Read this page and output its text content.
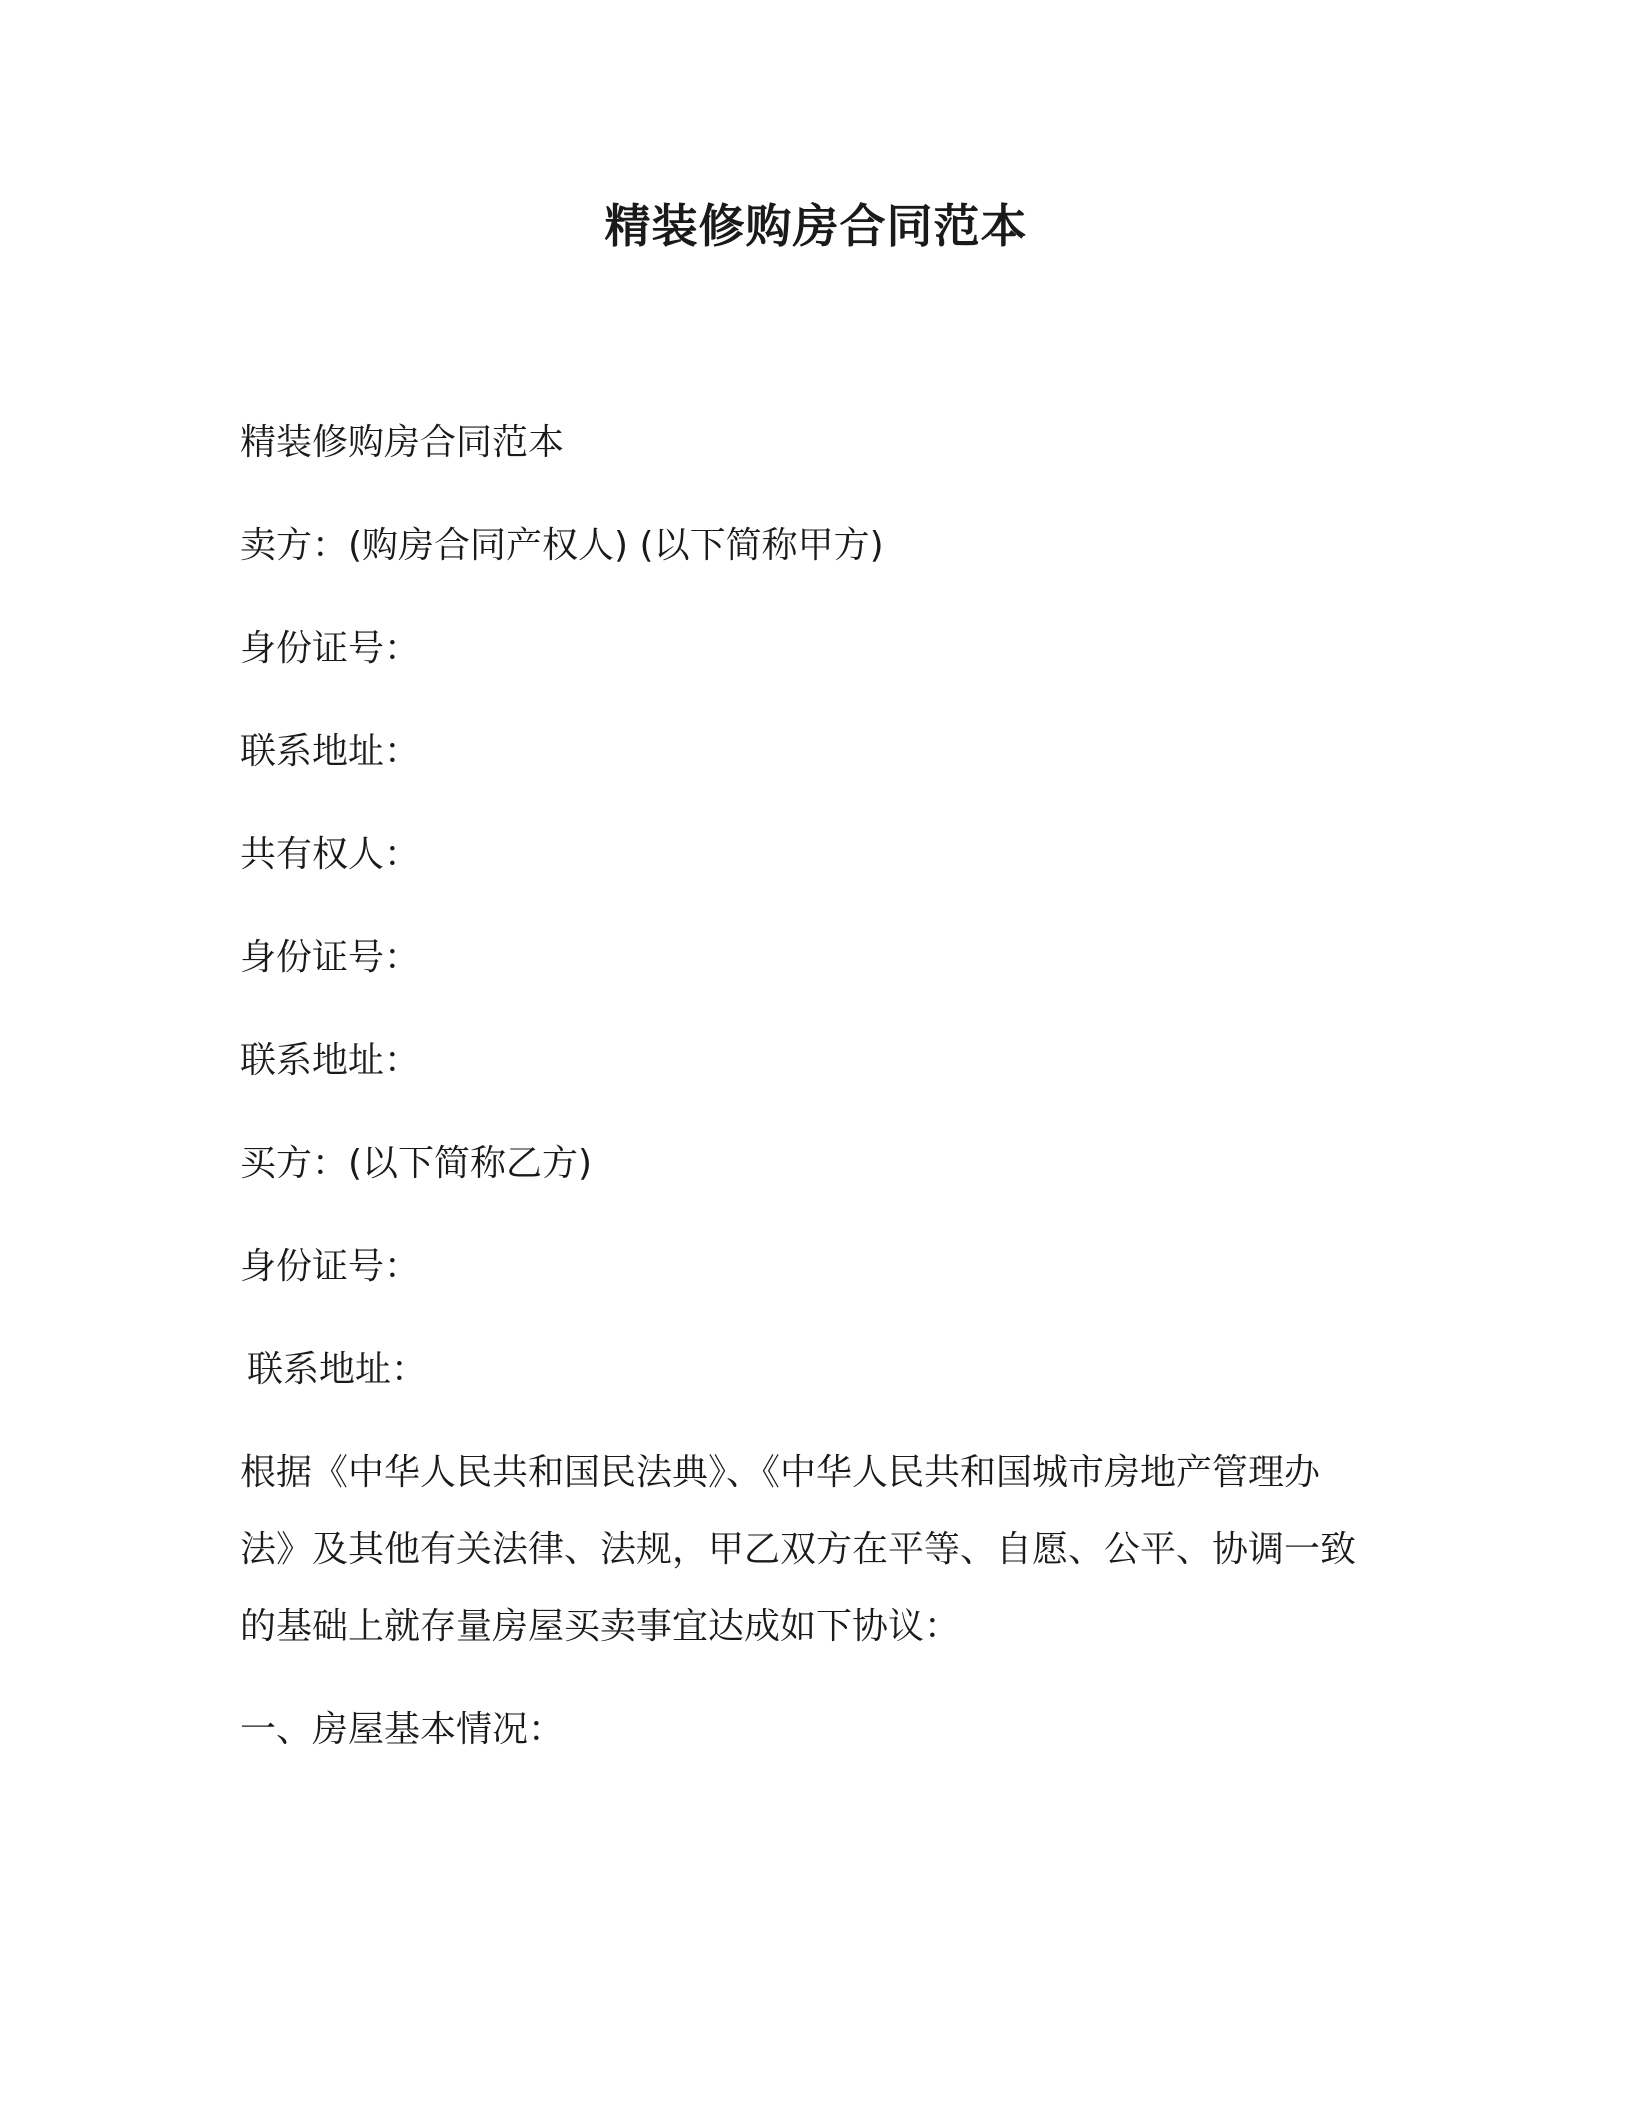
精装修购房合同范本
精装修购房合同范本
卖方：(购房合同产权人) (以下简称甲方)
身份证号：
联系地址：
共有权人：
身份证号：
联系地址：
买方：(以下简称乙方)
身份证号：
联系地址：
根据《中华人民共和国民法典》、《中华人民共和国城市房地产管理办法》及其他有关法律、法规，甲乙双方在平等、自愿、公平、协调一致的基础上就存量房屋买卖事宜达成如下协议：
一、房屋基本情况：
